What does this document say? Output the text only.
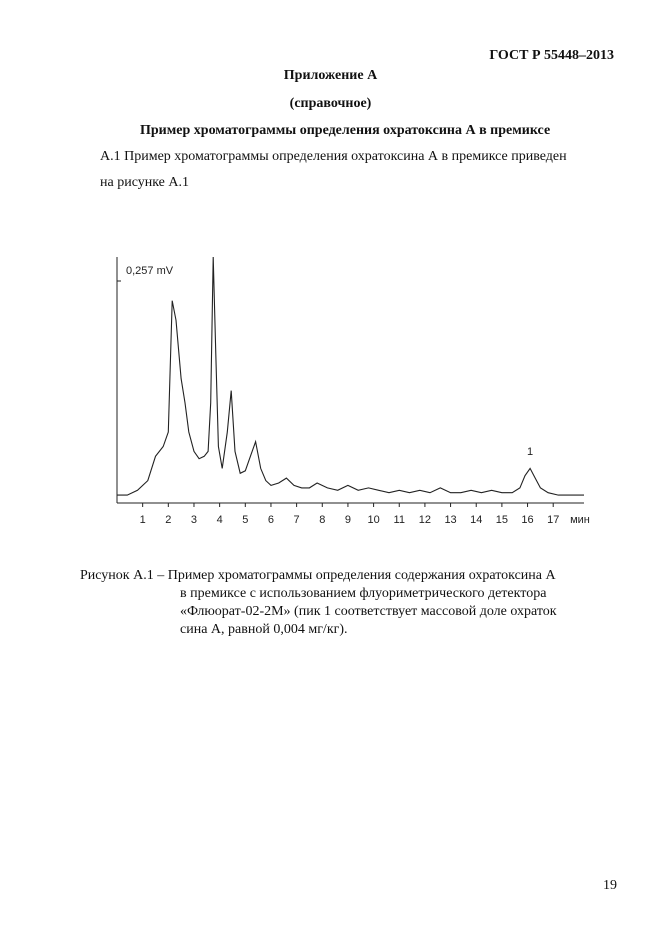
ГОСТ Р 55448–2013
Приложение А
(справочное)
Пример хроматограммы определения охратоксина А в премиксе
А.1 Пример хроматограммы определения охратоксина А в премиксе приведен
на рисунке А.1
0,257 mV
1 2 3 4 5 6 7 8 9 10 11 12 13 14 15 16 17 мин
1
Рисунок А.1 – Пример хроматограммы определения содержания охратоксина А
в премиксе с использованием флуориметрического детектора
«Флюорат-02-2М» (пик 1 соответствует массовой доле охраток
сина А, равной 0,004 мг/кг).
19
